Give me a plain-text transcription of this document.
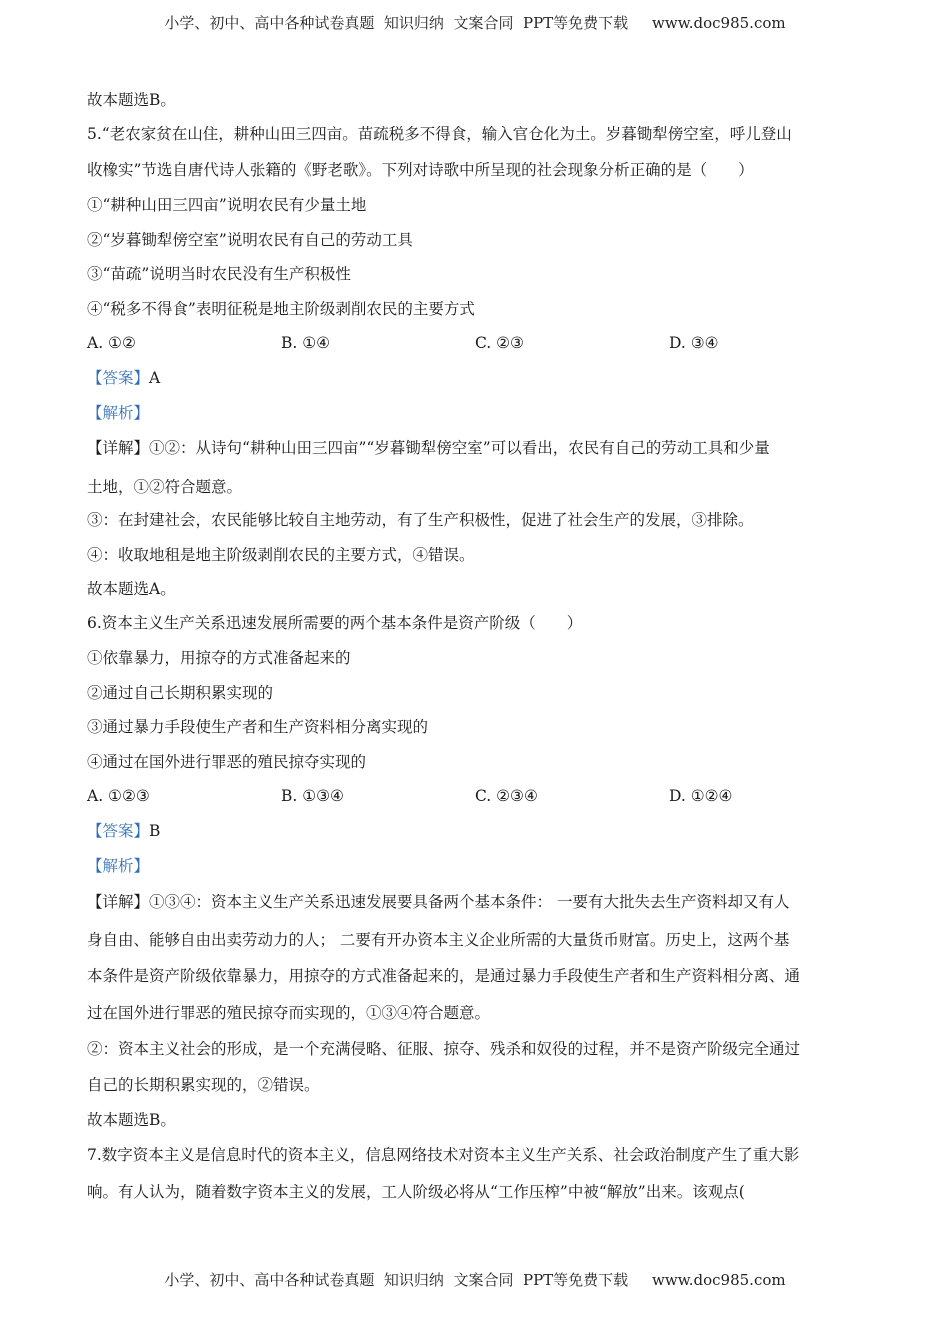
小学、初中、高中各种试卷真题  知识归纳  文案合同  PPT等免费下载     www.doc985.com
故本题选B。
5.“老农家贫在山住，耕种山田三四亩。苗疏税多不得食，输入官仓化为土。岁暮锄犁傍空室，呼儿登山
收橡实”节选自唐代诗人张籍的《野老歌》。下列对诗歌中所呈现的社会现象分析正确的是（　　）
①“耕种山田三四亩”说明农民有少量土地
②“岁暮锄犁傍空室”说明农民有自己的劳动工具
③“苗疏”说明当时农民没有生产积极性
④“税多不得食”表明征税是地主阶级剥削农民的主要方式
A. ①②	B. ①④	C. ②③	D. ③④
【答案】A
【解析】
【详解】①②：从诗句“耕种山田三四亩”“岁暮锄犁傍空室”可以看出，农民有自己的劳动工具和少量
土地，①②符合题意。
③：在封建社会，农民能够比较自主地劳动，有了生产积极性，促进了社会生产的发展，③排除。
④：收取地租是地主阶级剥削农民的主要方式，④错误。
故本题选A。
6.资本主义生产关系迅速发展所需要的两个基本条件是资产阶级（　　）
①依靠暴力，用掠夺的方式准备起来的
②通过自己长期积累实现的
③通过暴力手段使生产者和生产资料相分离实现的
④通过在国外进行罪恶的殖民掠夺实现的
A. ①②③	B. ①③④	C. ②③④	D. ①②④
【答案】B
【解析】
【详解】①③④：资本主义生产关系迅速发展要具备两个基本条件： 一要有大批失去生产资料却又有人
身自由、能够自由出卖劳动力的人； 二要有开办资本主义企业所需的大量货币财富。历史上，这两个基
本条件是资产阶级依靠暴力，用掠夺的方式准备起来的，是通过暴力手段使生产者和生产资料相分离、通
过在国外进行罪恶的殖民掠夺而实现的，①③④符合题意。
②：资本主义社会的形成，是一个充满侵略、征服、掠夺、残杀和奴役的过程，并不是资产阶级完全通过
自己的长期积累实现的，②错误。
故本题选B。
7.数字资本主义是信息时代的资本主义，信息网络技术对资本主义生产关系、社会政治制度产生了重大影
响。有人认为，随着数字资本主义的发展，工人阶级必将从“工作压榨”中被“解放”出来。该观点(
小学、初中、高中各种试卷真题  知识归纳  文案合同  PPT等免费下载     www.doc985.com
